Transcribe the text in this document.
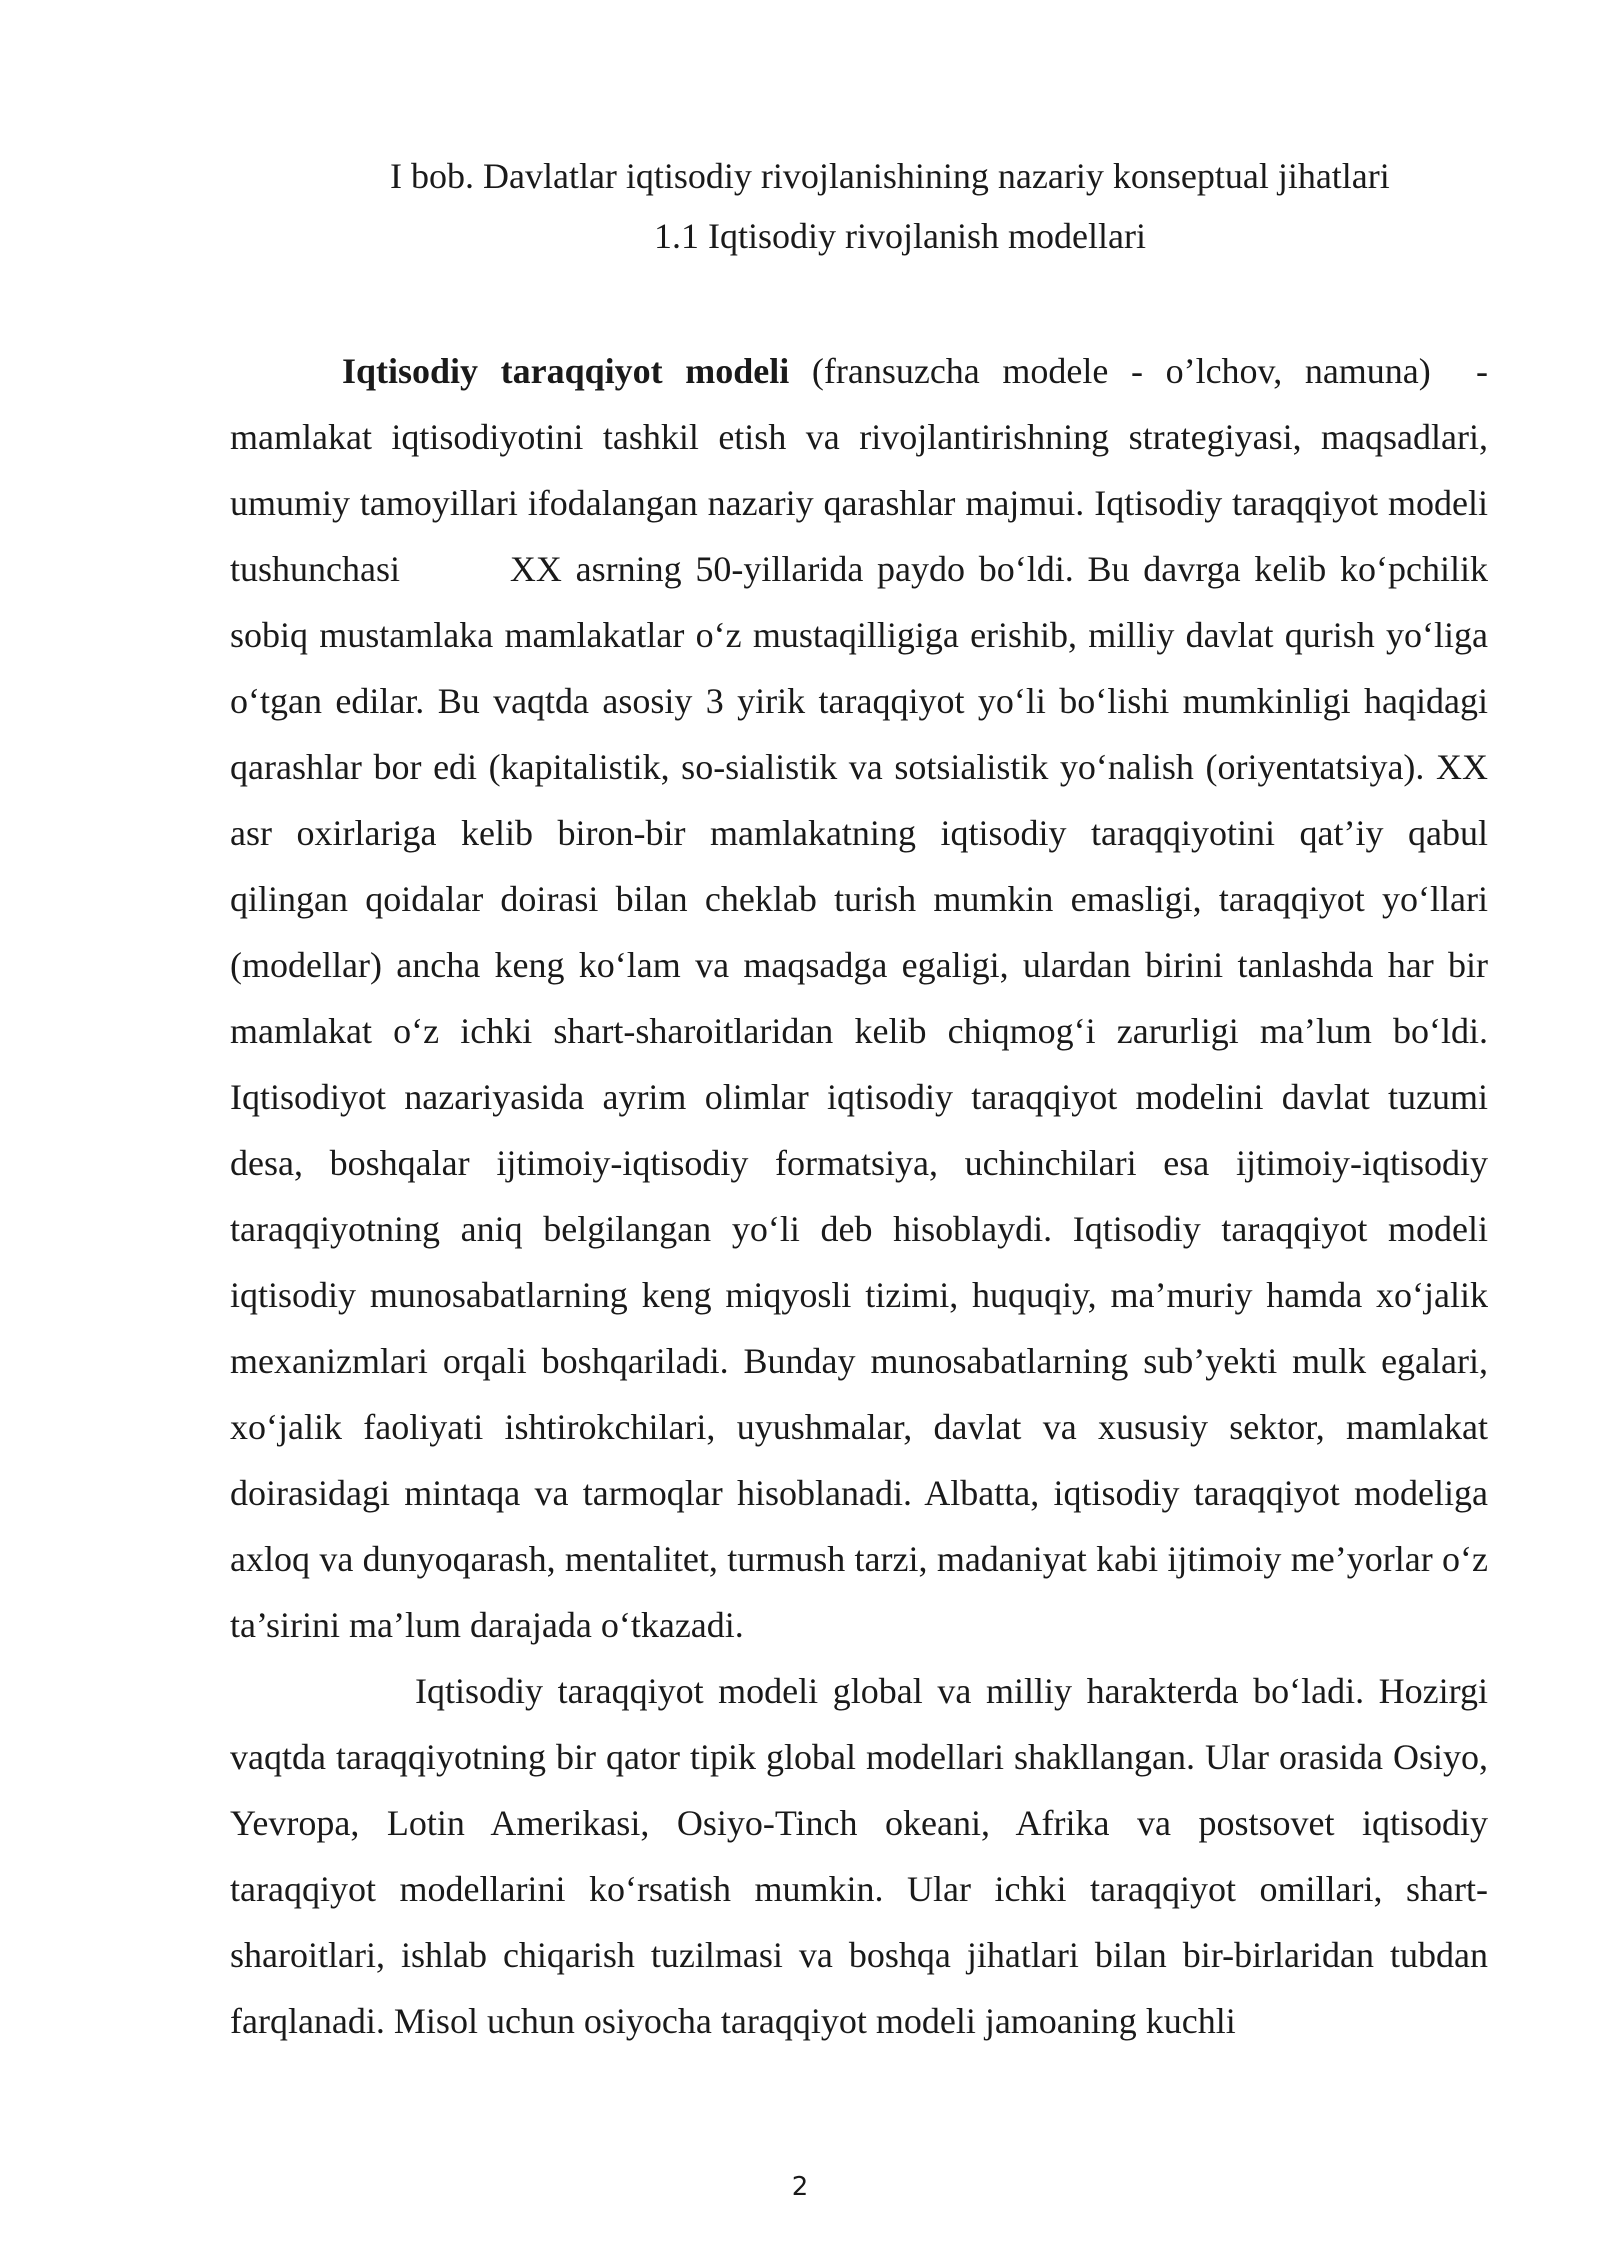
I bob. Davlatlar iqtisodiy rivojlanishining nazariy konseptual jihatlari
1.1 Iqtisodiy rivojlanish modellari

Iqtisodiy taraqqiyot modeli (fransuzcha modele - o’lchov, namuna)  - mamlakat iqtisodiyotini tashkil etish va rivojlantirishning strategiyasi, maqsadlari, umumiy tamoyillari ifodalangan nazariy qarashlar majmui. Iqtisodiy taraqqiyot modeli tushunchasi        XX asrning 50-yillarida paydo bo‘ldi. Bu davrga kelib ko‘pchilik sobiq mustamlaka mamlakatlar o‘z mustaqilligiga erishib, milliy davlat qurish yo‘liga o‘tgan edilar. Bu vaqtda asosiy 3 yirik taraqqiyot yo‘li bo‘lishi mumkinligi haqidagi qarashlar bor edi (kapitalistik, so-sialistik va sotsialistik yo‘nalish (oriyentatsiya). XX asr oxirlariga kelib biron-bir mamlakatning iqtisodiy taraqqiyotini qat’iy qabul qilingan qoidalar doirasi bilan cheklab turish mumkin emasligi, taraqqiyot yo‘llari (modellar) ancha keng ko‘lam va maqsadga egaligi, ulardan birini tanlashda har bir mamlakat o‘z ichki shart-sharoitlaridan kelib chiqmog‘i zarurligi ma’lum bo‘ldi. Iqtisodiyot nazariyasida ayrim olimlar iqtisodiy taraqqiyot modelini davlat tuzumi desa, boshqalar ijtimoiy-iqtisodiy formatsiya, uchinchilari esa ijtimoiy-iqtisodiy taraqqiyotning aniq belgilangan yo‘li deb hisoblaydi. Iqtisodiy taraqqiyot modeli iqtisodiy munosabatlarning keng miqyosli tizimi, huquqiy, ma’muriy hamda xo‘jalik mexanizmlari orqali boshqariladi. Bunday munosabatlarning sub’yekti mulk egalari, xo‘jalik faoliyati ishtirokchilari, uyushmalar, davlat va xususiy sektor, mamlakat doirasidagi mintaqa va tarmoqlar hisoblanadi. Albatta, iqtisodiy taraqqiyot modeliga axloq va dunyoqarash, mentalitet, turmush tarzi, madaniyat kabi ijtimoiy me’yorlar o‘z ta’sirini ma’lum darajada o‘tkazadi.

Iqtisodiy taraqqiyot modeli global va milliy harakterda bo‘ladi. Hozirgi vaqtda taraqqiyotning bir qator tipik global modellari shakllangan. Ular orasida Osiyo, Yevropa, Lotin Amerikasi, Osiyo-Tinch okeani, Afrika va postsovet iqtisodiy taraqqiyot modellarini ko‘rsatish mumkin. Ular ichki taraqqiyot omillari, shart-sharoitlari, ishlab chiqarish tuzilmasi va boshqa jihatlari bilan bir-birlaridan tubdan farqlanadi. Misol uchun osiyocha taraqqiyot modeli jamoaning kuchli

2
